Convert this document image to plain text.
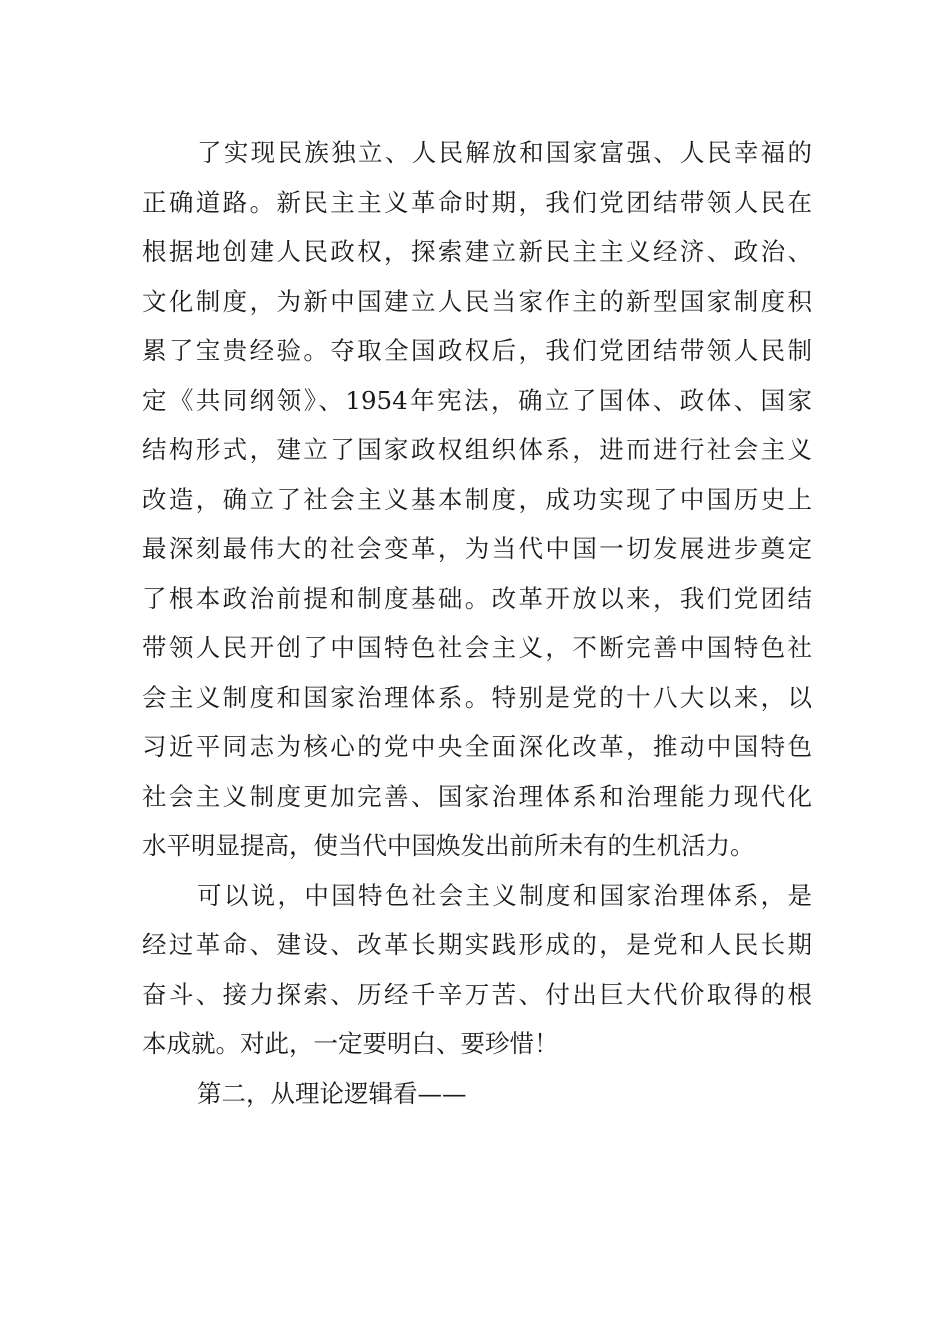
了实现民族独立、人民解放和国家富强、人民幸福的
正确道路。新民主主义革命时期，我们党团结带领人民在
根据地创建人民政权，探索建立新民主主义经济、政治、
文化制度，为新中国建立人民当家作主的新型国家制度积
累了宝贵经验。夺取全国政权后，我们党团结带领人民制
定《共同纲领》、1954年宪法，确立了国体、政体、国家
结构形式，建立了国家政权组织体系，进而进行社会主义
改造，确立了社会主义基本制度，成功实现了中国历史上
最深刻最伟大的社会变革，为当代中国一切发展进步奠定
了根本政治前提和制度基础。改革开放以来，我们党团结
带领人民开创了中国特色社会主义，不断完善中国特色社
会主义制度和国家治理体系。特别是党的十八大以来，以
习近平同志为核心的党中央全面深化改革，推动中国特色
社会主义制度更加完善、国家治理体系和治理能力现代化
水平明显提高，使当代中国焕发出前所未有的生机活力。
可以说，中国特色社会主义制度和国家治理体系，是
经过革命、建设、改革长期实践形成的，是党和人民长期
奋斗、接力探索、历经千辛万苦、付出巨大代价取得的根
本成就。对此，一定要明白、要珍惜！
第二，从理论逻辑看——
